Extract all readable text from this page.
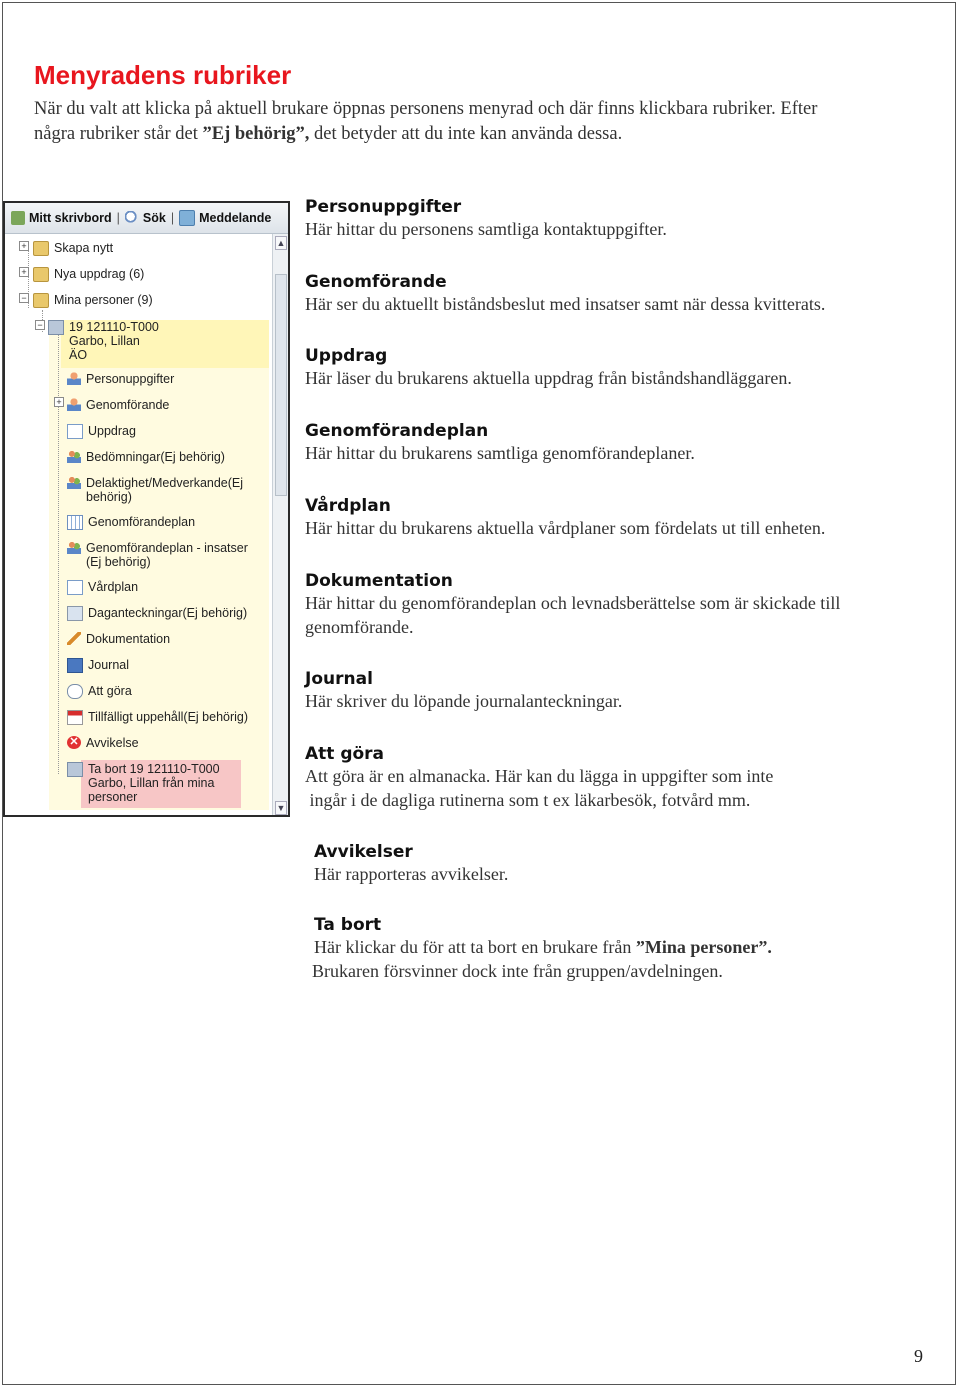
Menyradens rubriker
När du valt att klicka på aktuell brukare öppnas personens menyrad och där finns klickbara rubriker. Efter
några rubriker står det ”Ej behörig”, det betyder att du inte kan använda dessa.
Mitt skrivbord | Sök | Meddelande
+ Skapa nytt
+ Nya uppdrag (6)
− Mina personer (9)
− 19 121110-T000
Garbo, Lillan
ÄO
Personuppgifter
+ Genomförande
Uppdrag
Bedömningar(Ej behörig)
Delaktighet/Medverkande(Ej
behörig)
Genomförandeplan
Genomförandeplan - insatser
(Ej behörig)
Vårdplan
Daganteckningar(Ej behörig)
Dokumentation
Journal
Att göra
Tillfälligt uppehåll(Ej behörig)
✕ Avvikelse
Ta bort 19 121110-T000
Garbo, Lillan från mina
personer
▲
▼
Personuppgifter
Här hittar du personens samtliga kontaktuppgifter.
Genomförande
Här ser du aktuellt biståndsbeslut med insatser samt när dessa kvitterats.
Uppdrag
Här läser du brukarens aktuella uppdrag från biståndshandläggaren.
Genomförandeplan
Här hittar du brukarens samtliga genomförandeplaner.
Vårdplan
Här hittar du brukarens aktuella vårdplaner som fördelats ut till enheten.
Dokumentation
Här hittar du genomförandeplan och levnadsberättelse som är skickade till
genomförande.
Journal
Här skriver du löpande journalanteckningar.
Att göra
Att göra är en almanacka. Här kan du lägga in uppgifter som inte
ingår i de dagliga rutinerna som t ex läkarbesök, fotvård mm.
Avvikelser
Här rapporteras avvikelser.
Ta bort
Här klickar du för att ta bort en brukare från ”Mina personer”.
Brukaren försvinner dock inte från gruppen/avdelningen.
9
